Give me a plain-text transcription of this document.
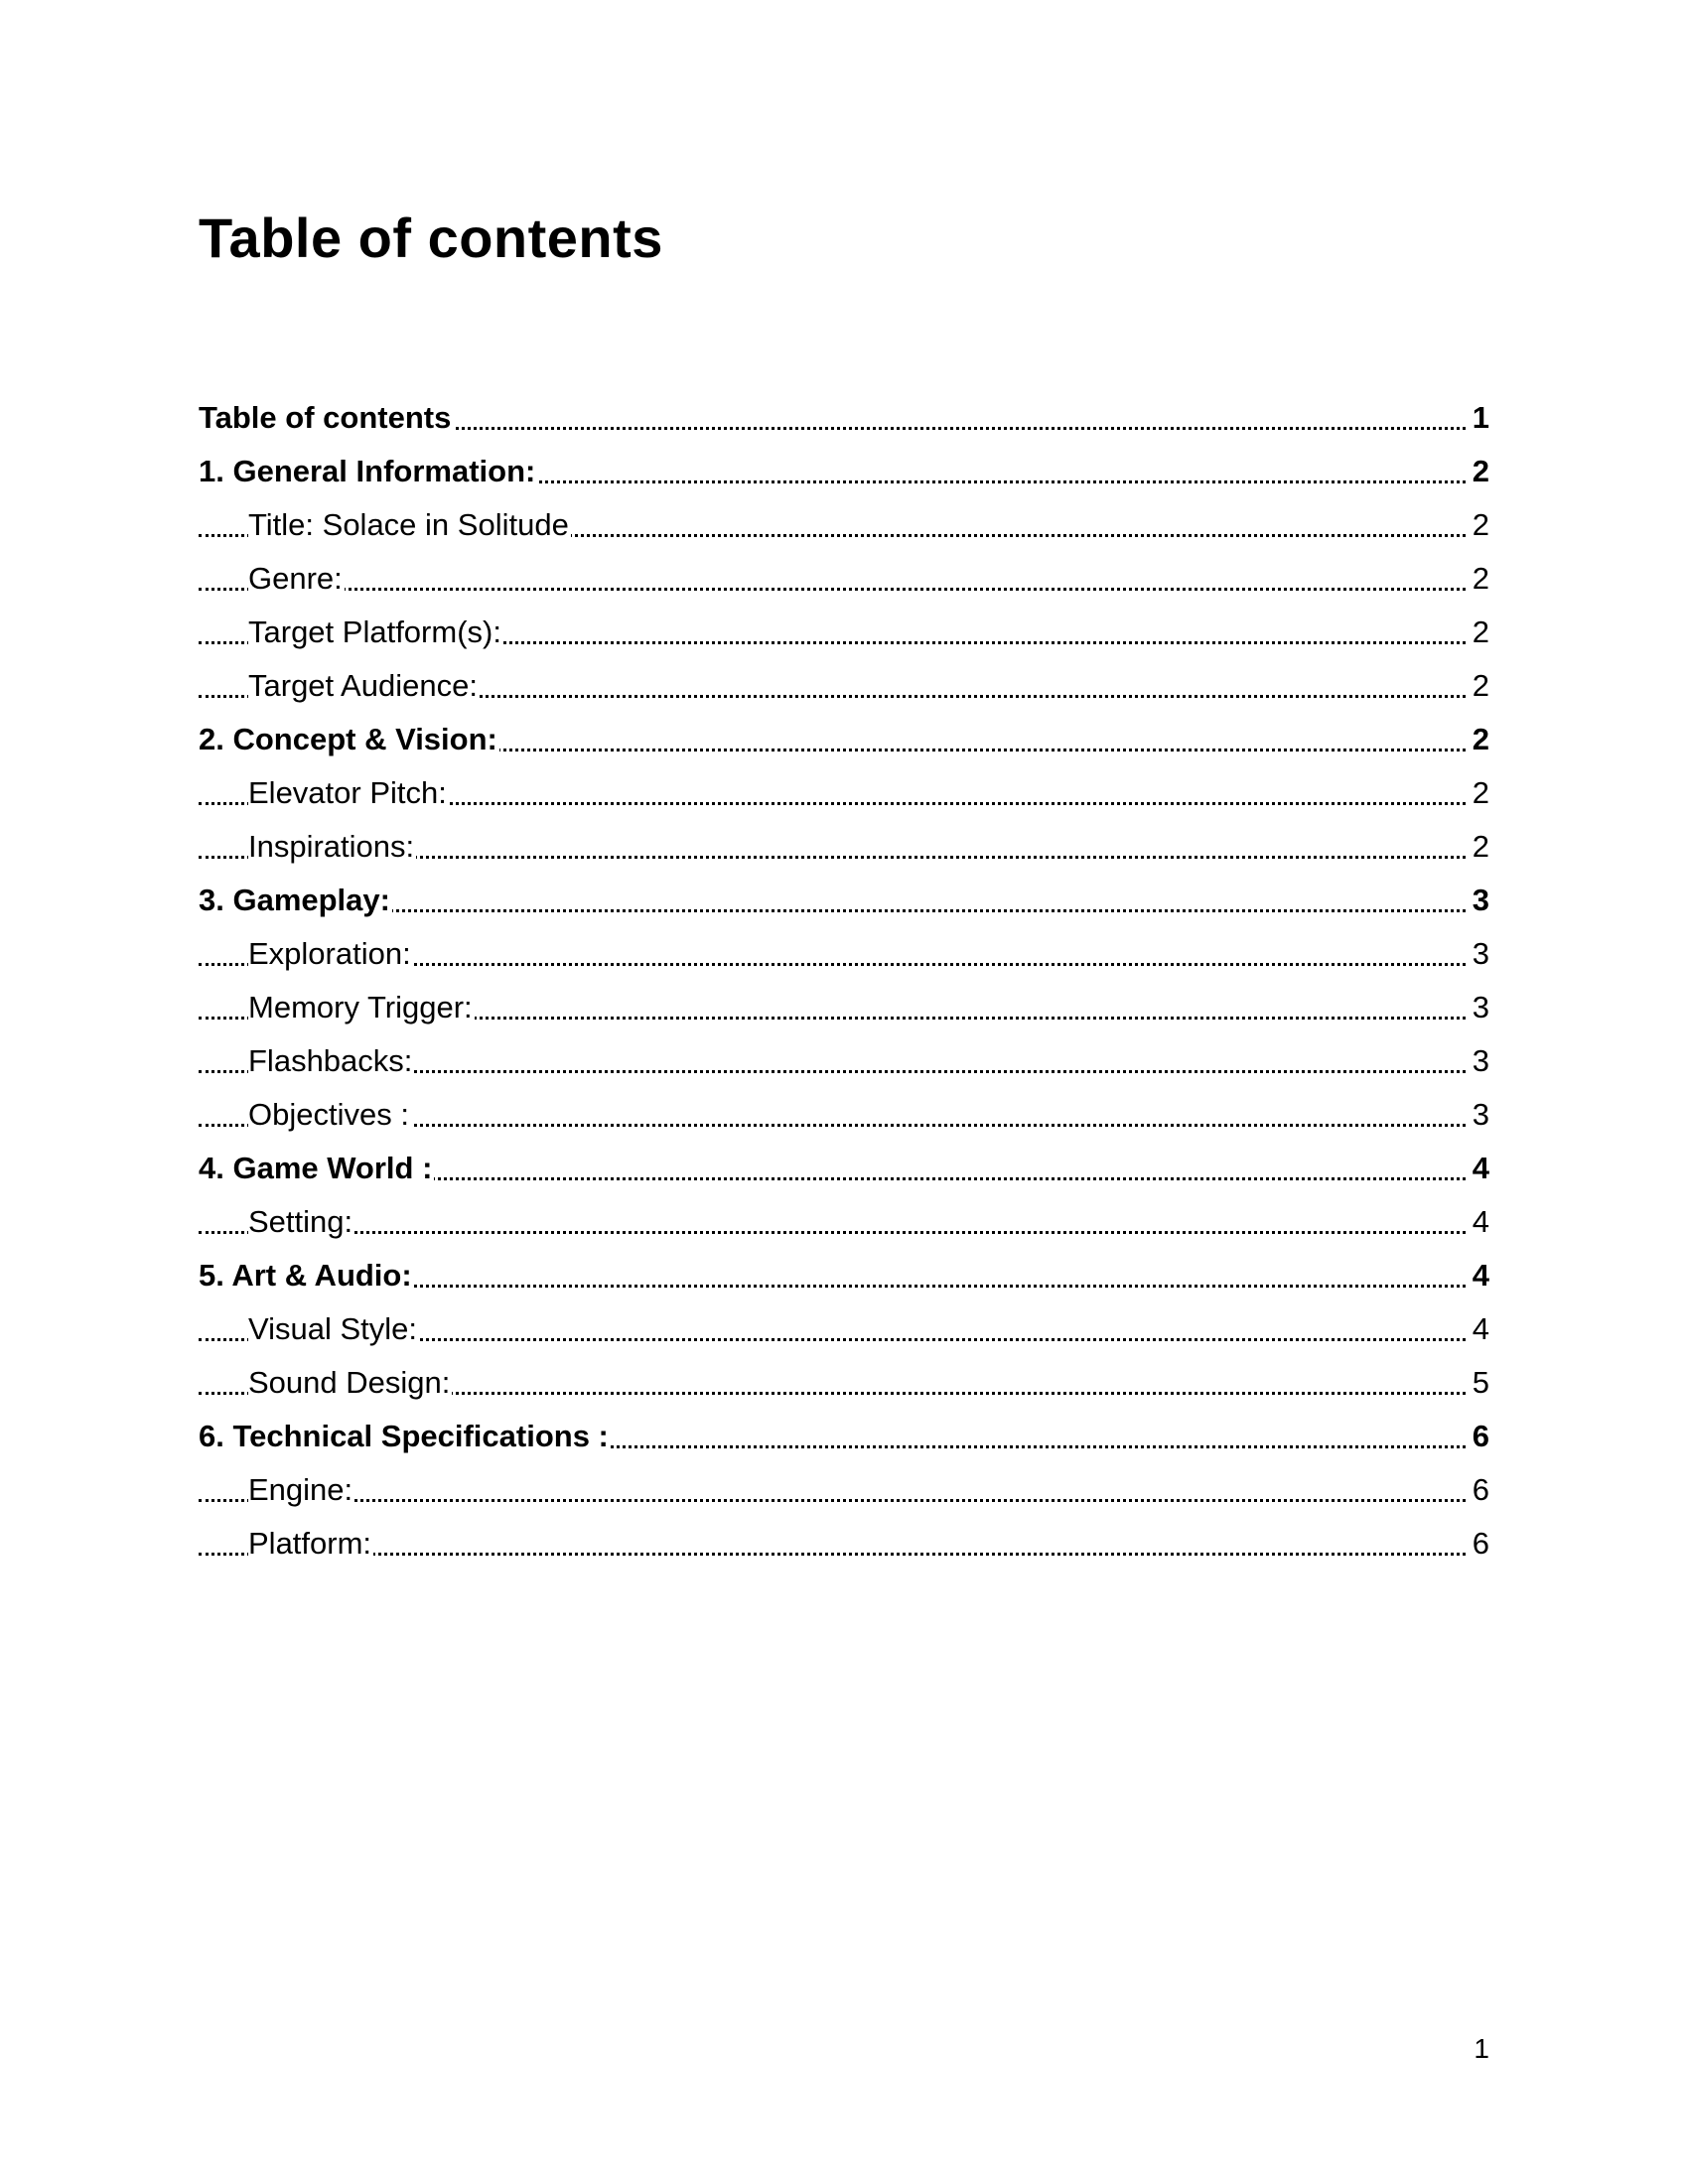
Table of contents
Table of contents	1
1. General Information:	2
Title: Solace in Solitude	2
Genre:	2
Target Platform(s):	2
Target Audience:	2
2. Concept & Vision:	2
Elevator Pitch:	2
Inspirations:	2
3. Gameplay:	3
Exploration:	3
Memory Trigger:	3
Flashbacks:	3
Objectives :	3
4. Game World :	4
Setting:	4
5. Art & Audio:	4
Visual Style:	4
Sound Design:	5
6. Technical Specifications :	6
Engine:	6
Platform:	6
1
